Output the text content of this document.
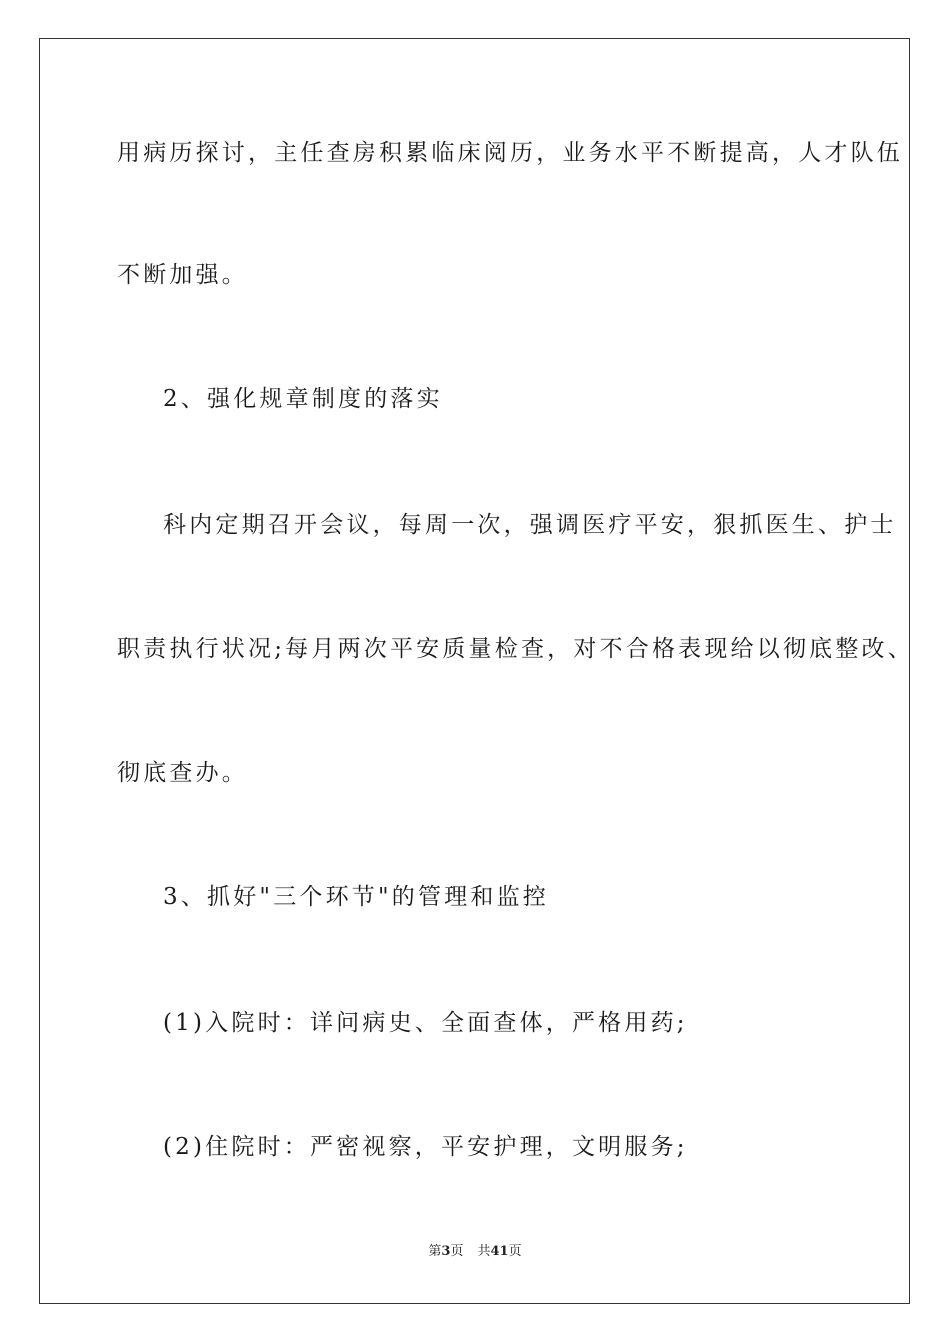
用病历探讨，主任查房积累临床阅历，业务水平不断提高，人才队伍
不断加强。
2、强化规章制度的落实
科内定期召开会议，每周一次，强调医疗平安，狠抓医生、护士
职责执行状况;每月两次平安质量检查，对不合格表现给以彻底整改、
彻底查办。
3、抓好"三个环节"的管理和监控
(1)入院时：详问病史、全面查体，严格用药;
(2)住院时：严密视察，平安护理，文明服务;
第3页 共41页
